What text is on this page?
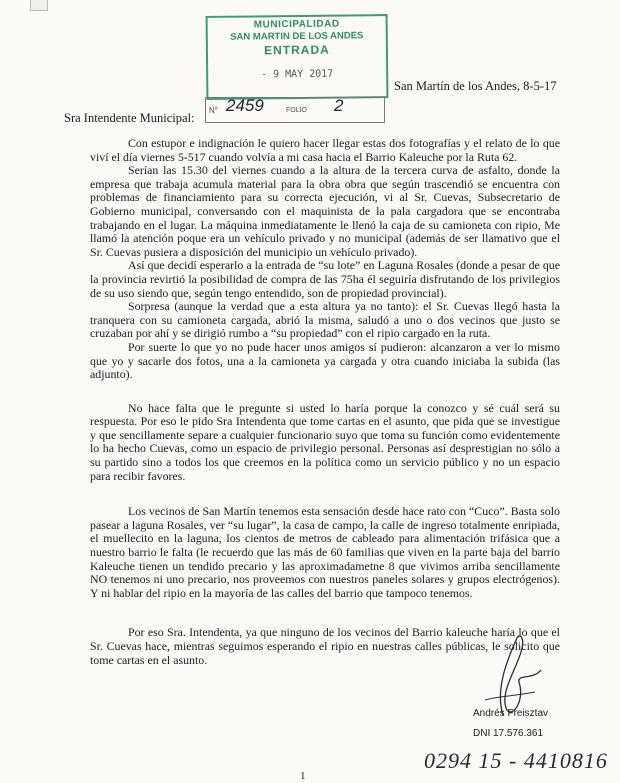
MUNICIPALIDAD
SAN MARTIN DE LOS ANDES
ENTRADA
- 9 MAY 2017
San Martín de los Andes, 8-5-17
Sra Intendente Municipal:
N° 2459	FOLIO 2

Con estupor e indignación le quiero hacer llegar estas dos fotografías y el relato de lo que viví el día viernes 5-517 cuando volvía a mi casa hacia el Barrio Kaleuche por la Ruta 62.

Serían las 15.30 del viernes cuando a la altura de la tercera curva de asfalto, donde la empresa que trabaja acumula material para la obra obra que según trascendió se encuentra con problemas de financiamiento para su correcta ejecución, vi al Sr. Cuevas, Subsecretario de Gobierno municipal, conversando con el maquinista de la pala cargadora que se encontraba trabajando en el lugar. La máquina inmediatamente le llenó la caja de su camioneta con ripio, Me llamó la atención poque era un vehículo privado y no municipal (además de ser llamativo que el Sr. Cuevas pusiera a disposición del municipio un vehículo privado).

Así que decidí esperarlo a la entrada de “su lote” en Laguna Rosales (donde a pesar de que la provincia revirtió la posibilidad de compra de las 75ha él seguiría disfrutando de los privilegios de su uso siendo que, según tengo entendido, son de propiedad provincial).

Sorpresa (aunque la verdad que a esta altura ya no tanto): el Sr. Cuevas llegó hasta la tranquera con su camioneta cargada, abrió la misma, saludó a uno o dos vecinos que justo se cruzaban por ahí y se dirigió rumbo a “su propiedad” con el ripio cargado en la ruta.

Por suerte lo que yo no pude hacer unos amigos sí pudieron: alcanzaron a ver lo mismo que yo y sacarle dos fotos, una a la camioneta ya cargada y otra cuando iniciaba la subida (las adjunto).

No hace falta que le pregunte si usted lo haría porque la conozco y sé cuál será su respuesta. Por eso le pido Sra Intendenta que tome cartas en el asunto, que pida que se investigue y que sencillamente separe a cualquier funcionario suyo que toma su función como evidentemente lo ha hecho Cuevas, como un espacio de privilegio personal. Personas así desprestigian no sólo a su partido sino a todos los que creemos en la política como un servicio público y no un espacio para recibir favores.

Los vecinos de San Martín tenemos esta sensación desde hace rato con “Cuco”. Basta solo pasear a laguna Rosales, ver “su lugar”, la casa de campo, la calle de ingreso totalmente enripiada, el muellecito en la laguna, los cientos de metros de cableado para alimentación trifásica que a nuestro barrio le falta (le recuerdo que las más de 60 familias que viven en la parte baja del barrio Kaleuche tienen un tendido precario y las aproximadametne 8 que vivimos arriba sencillamente NO tenemos ni uno precario, nos proveemos con nuestros paneles solares y grupos electrógenos). Y ni hablar del ripio en la mayoría de las calles del barrio que tampoco tenemos.

Por eso Sra. Intendenta, ya que ninguno de los vecinos del Barrio kaleuche haría lo que el Sr. Cuevas hace, mientras seguimos esperando el ripio en nuestras calles públicas, le solicito que tome cartas en el asunto.

Andrés Freisztav
DNI 17.576.361
0294 15 - 4410816
1
